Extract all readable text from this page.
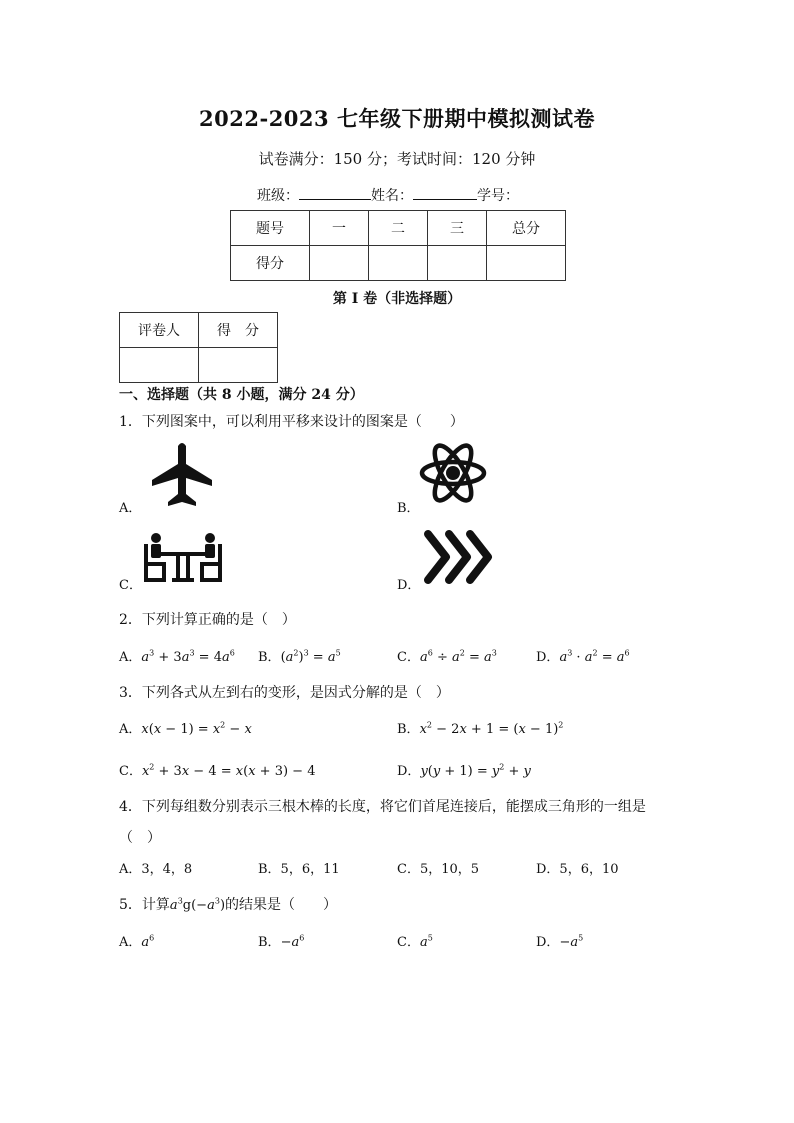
2022-2023 七年级下册期中模拟测试卷
试卷满分：150 分；考试时间：120 分钟
班级：	姓名：	学号：
题号	一	二	三	总分
得分				
第 I 卷（非选择题）
评卷人	得　分

一、选择题（共 8 小题，满分 24 分）
1．下列图案中，可以利用平移来设计的图案是（　　）
A．	B．
C．	D．
2．下列计算正确的是（　）
A．$a^3 + 3a^3 = 4a^6$ B．$(a^2)^3 = a^5$	C．$a^6 \div a^2 = a^3$	D．$a^3 \cdot a^2 = a^6$
3．下列各式从左到右的变形，是因式分解的是（　）
A．$x(x - 1) = x^2 - x$	B．$x^2 - 2x + 1 = (x - 1)^2$
C．$x^2 + 3x - 4 = x(x + 3) - 4$	D．$y(y + 1) = y^2 + y$
4．下列每组数分别表示三根木棒的长度，将它们首尾连接后，能摆成三角形的一组是
（　）
A．3，4，8	B．5，6，11	C．5，10，5	D．5，6，10
5．计算$a^3g(-a^3)$的结果是（　　）
A．$a^6$	B．$-a^6$	C．$a^5$	D．$-a^5$
